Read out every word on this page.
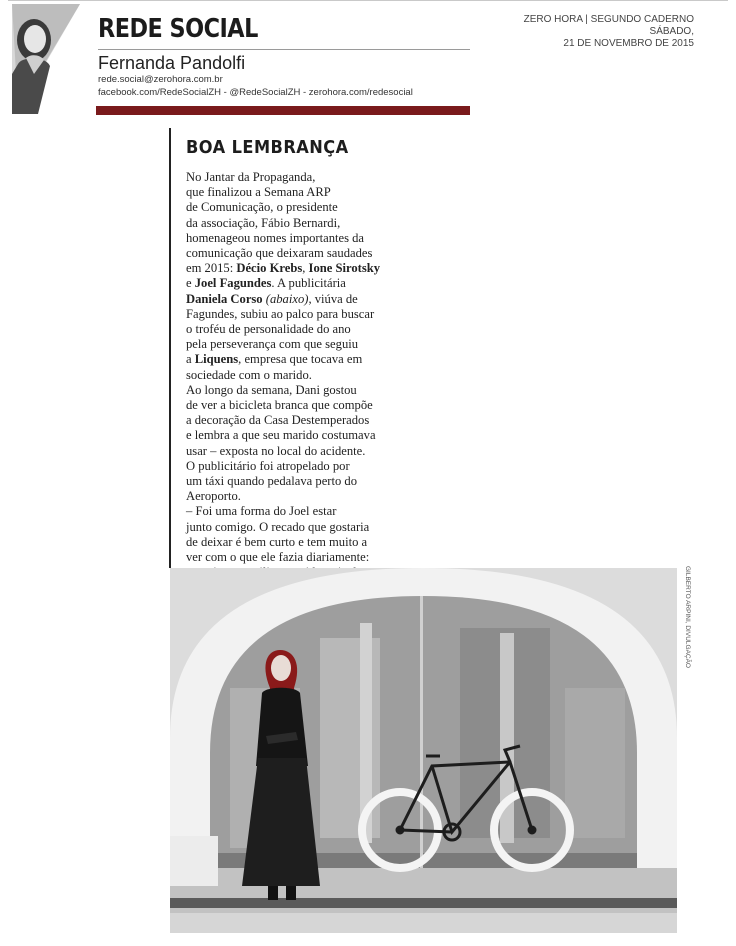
REDE SOCIAL
Fernanda Pandolfi
rede.social@zerohora.com.br
facebook.com/RedeSocialZH - @RedeSocialZH - zerohora.com/redesocial
ZERO HORA | SEGUNDO CADERNO
SÁBADO,
21 DE NOVEMBRO DE 2015
BOA LEMBRANÇA

No Jantar da Propaganda,
que finalizou a Semana ARP
de Comunicação, o presidente
da associação, Fábio Bernardi,
homenageou nomes importantes da
comunicação que deixaram saudades
em 2015: Décio Krebs, Ione Sirotsky
e Joel Fagundes. A publicitária
Daniela Corso (abaixo), viúva de
Fagundes, subiu ao palco para buscar
o troféu de personalidade do ano
pela perseverança com que seguiu
a Liquens, empresa que tocava em
sociedade com o marido.

Ao longo da semana, Dani gostou
de ver a bicicleta branca que compõe
a decoração da Casa Destemperados
e lembra a que seu marido costumava
usar – exposta no local do acidente.
O publicitário foi atropelado por
um táxi quando pedalava perto do
Aeroporto.

– Foi uma forma do Joel estar
junto comigo. O recado que gostaria
de deixar é bem curto e tem muito a
ver com o que ele fazia diariamente:

GILBERTO ARPINI, DIVULGAÇÃO
